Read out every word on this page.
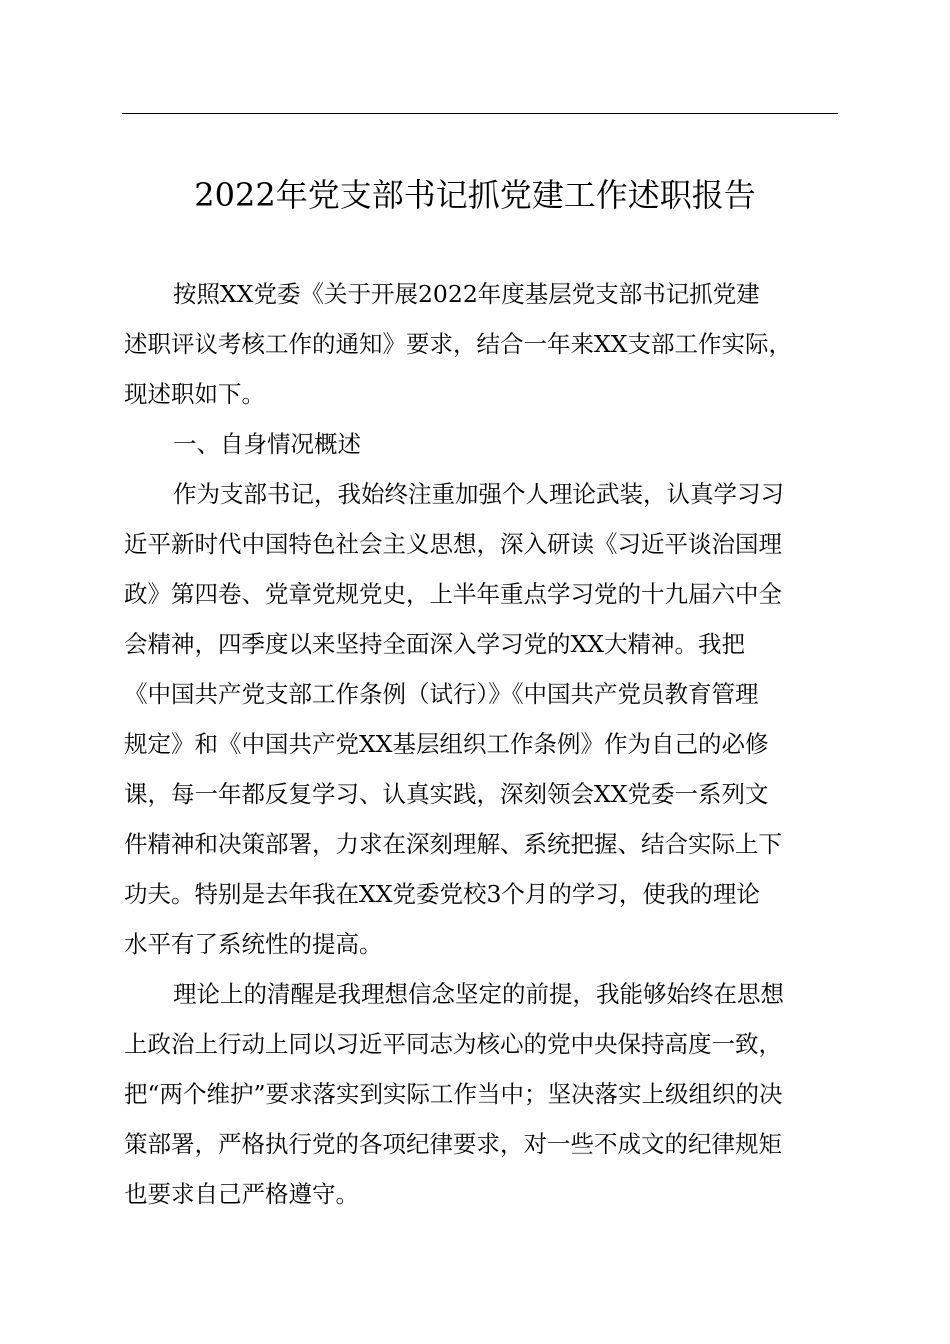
2022年党支部书记抓党建工作述职报告
按照XX党委《关于开展2022年度基层党支部书记抓党建
述职评议考核工作的通知》要求，结合一年来XX支部工作实际，
现述职如下。
一、自身情况概述
作为支部书记，我始终注重加强个人理论武装，认真学习习
近平新时代中国特色社会主义思想，深入研读《习近平谈治国理
政》第四卷、党章党规党史，上半年重点学习党的十九届六中全
会精神，四季度以来坚持全面深入学习党的XX大精神。我把
《中国共产党支部工作条例（试行）》《中国共产党员教育管理
规定》和《中国共产党XX基层组织工作条例》作为自己的必修
课，每一年都反复学习、认真实践，深刻领会XX党委一系列文
件精神和决策部署，力求在深刻理解、系统把握、结合实际上下
功夫。特别是去年我在XX党委党校3个月的学习，使我的理论
水平有了系统性的提高。
理论上的清醒是我理想信念坚定的前提，我能够始终在思想
上政治上行动上同以习近平同志为核心的党中央保持高度一致，
把“两个维护”要求落实到实际工作当中；坚决落实上级组织的决
策部署，严格执行党的各项纪律要求，对一些不成文的纪律规矩
也要求自己严格遵守。
